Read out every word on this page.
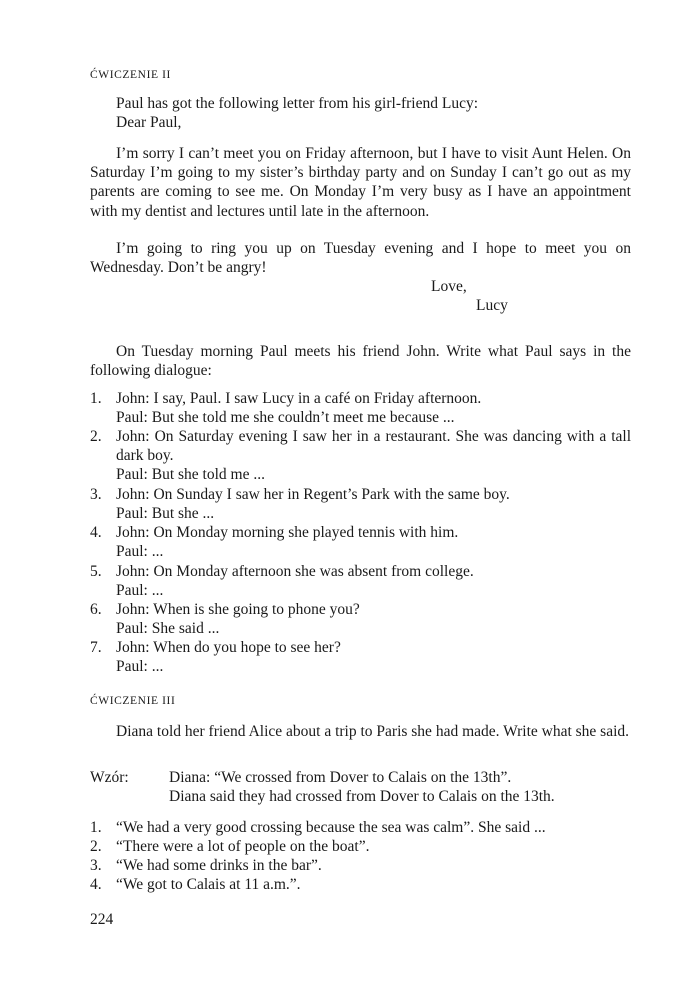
ĆWICZENIE II
Paul has got the following letter from his girl-friend Lucy:
Dear Paul,
I’m sorry I can’t meet you on Friday afternoon, but I have to visit Aunt Helen. On Saturday I’m going to my sister’s birthday party and on Sunday I can’t go out as my parents are coming to see me. On Monday I’m very busy as I have an appointment with my dentist and lectures until late in the afternoon.
I’m going to ring you up on Tuesday evening and I hope to meet you on Wednesday. Don’t be angry!
Love,
Lucy
On Tuesday morning Paul meets his friend John. Write what Paul says in the following dialogue:
1. John: I say, Paul. I saw Lucy in a café on Friday afternoon.
Paul: But she told me she couldn’t meet me because ...
2. John: On Saturday evening I saw her in a restaurant. She was dancing with a tall dark boy.
Paul: But she told me ...
3. John: On Sunday I saw her in Regent’s Park with the same boy.
Paul: But she ...
4. John: On Monday morning she played tennis with him.
Paul: ...
5. John: On Monday afternoon she was absent from college.
Paul: ...
6. John: When is she going to phone you?
Paul: She said ...
7. John: When do you hope to see her?
Paul: ...
ĆWICZENIE III
Diana told her friend Alice about a trip to Paris she had made. Write what she said.
Wzór:	Diana: “We crossed from Dover to Calais on the 13th”.
Diana said they had crossed from Dover to Calais on the 13th.
1. “We had a very good crossing because the sea was calm”. She said ...
2. “There were a lot of people on the boat”.
3. “We had some drinks in the bar”.
4. “We got to Calais at 11 a.m.”.
224
